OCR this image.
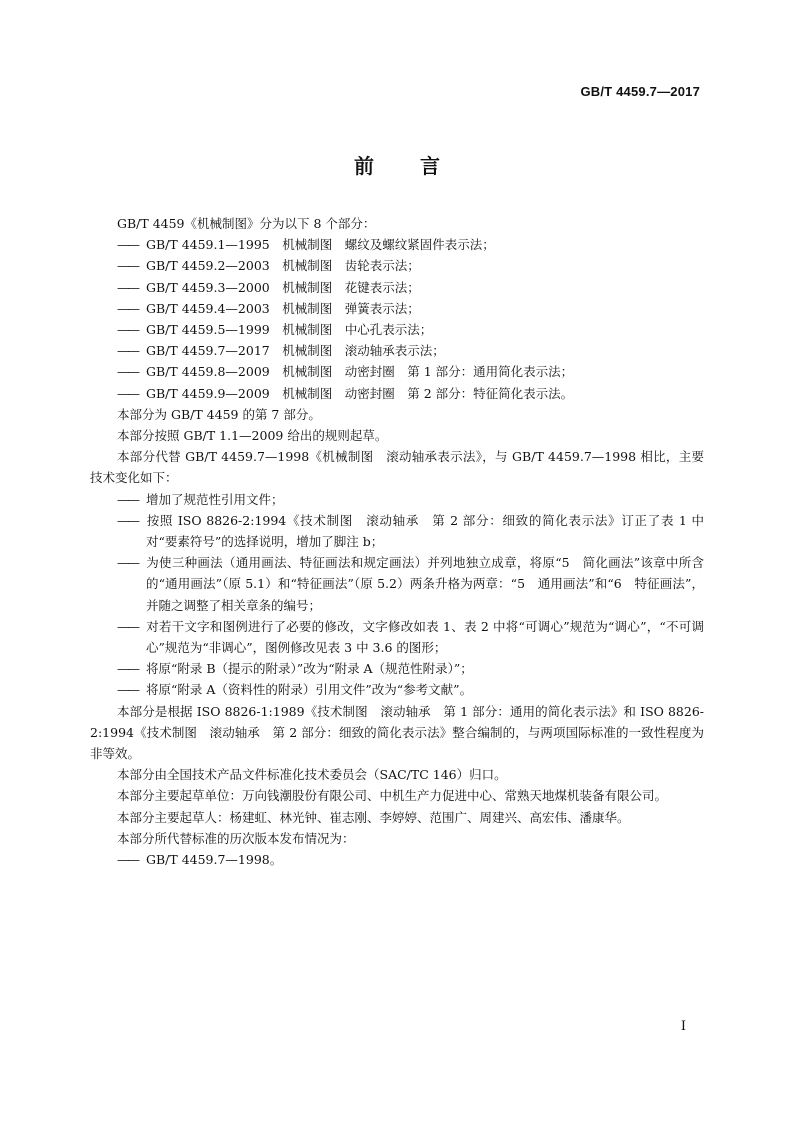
GB/T 4459.7—2017
前言

GB/T 4459《机械制图》分为以下 8 个部分：

—— GB/T 4459.1—1995　机械制图　螺纹及螺纹紧固件表示法；

—— GB/T 4459.2—2003　机械制图　齿轮表示法；

—— GB/T 4459.3—2000　机械制图　花键表示法；

—— GB/T 4459.4—2003　机械制图　弹簧表示法；

—— GB/T 4459.5—1999　机械制图　中心孔表示法；

—— GB/T 4459.7—2017　机械制图　滚动轴承表示法；

—— GB/T 4459.8—2009　机械制图　动密封圈　第 1 部分：通用简化表示法；

—— GB/T 4459.9—2009　机械制图　动密封圈　第 2 部分：特征简化表示法。

本部分为 GB/T 4459 的第 7 部分。

本部分按照 GB/T 1.1—2009 给出的规则起草。

本部分代替 GB/T 4459.7—1998《机械制图　滚动轴承表示法》，与 GB/T 4459.7—1998 相比，主要技术变化如下：

—— 增加了规范性引用文件；

—— 按照 ISO 8826-2:1994《技术制图　滚动轴承　第 2 部分：细致的简化表示法》订正了表 1 中对“要素符号”的选择说明，增加了脚注 b；

—— 为使三种画法（通用画法、特征画法和规定画法）并列地独立成章，将原“5　简化画法”该章中所含的“通用画法”（原 5.1）和“特征画法”（原 5.2）两条升格为两章：“5　通用画法”和“6　特征画法”，并随之调整了相关章条的编号；

—— 对若干文字和图例进行了必要的修改，文字修改如表 1、表 2 中将“可调心”规范为“调心”，“不可调心”规范为“非调心”，图例修改见表 3 中 3.6 的图形；

—— 将原“附录 B（提示的附录）”改为“附录 A（规范性附录）”；

—— 将原“附录 A（资料性的附录）引用文件”改为“参考文献”。

本部分是根据 ISO 8826-1:1989《技术制图　滚动轴承　第 1 部分：通用的简化表示法》和 ISO 8826-2:1994《技术制图　滚动轴承　第 2 部分：细致的简化表示法》整合编制的，与两项国际标准的一致性程度为非等效。

本部分由全国技术产品文件标准化技术委员会（SAC/TC 146）归口。

本部分主要起草单位：万向钱潮股份有限公司、中机生产力促进中心、常熟天地煤机装备有限公司。

本部分主要起草人：杨建虹、林光钟、崔志刚、李婷婷、范围广、周建兴、高宏伟、潘康华。

本部分所代替标准的历次版本发布情况为：

—— GB/T 4459.7—1998。

I
